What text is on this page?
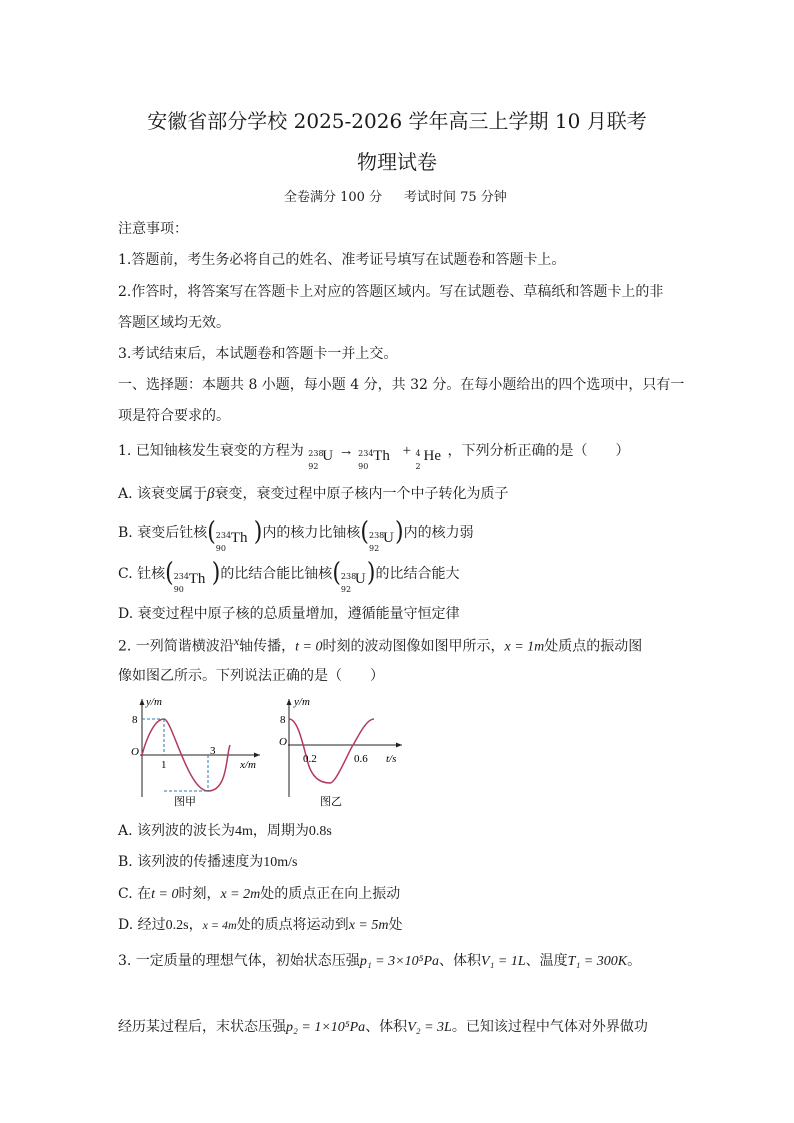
安徽省部分学校 2025-2026 学年高三上学期 10 月联考
物理试卷
全卷满分 100 分 考试时间 75 分钟
注意事项：
1.答题前，考生务必将自己的姓名、准考证号填写在试题卷和答题卡上。
2.作答时，将答案写在答题卡上对应的答题区域内。写在试题卷、草稿纸和答题卡上的非
答题区域均无效。
3.考试结束后，本试题卷和答题卡一并上交。
一、选择题：本题共 8 小题，每小题 4 分，共 32 分。在每小题给出的四个选项中，只有一
项是符合要求的。
1. 已知铀核发生衰变的方程为 238
92
U → 234
90
Th + 4
2
He ，下列分析正确的是（　　）
A. 该衰变属于β衰变，衰变过程中原子核内一个中子转化为质子
B. 衰变后钍核( 234
90
Th )内的核力比铀核( 238
92
U )内的核力弱
C. 钍核( 234
90
Th )的比结合能比铀核( 238
92
U )的比结合能大
D. 衰变过程中原子核的总质量增加，遵循能量守恒定律
2. 一列简谐横波沿x轴传播，t = 0时刻的波动图像如图甲所示，x = 1m处质点的振动图
像如图乙所示。下列说法正确的是（　　）
y/m
8
O
1
3
x/m
图甲
y/m
8
O
0.2	0.6 t/s
图乙
A. 该列波的波长为4m，周期为0.8s
B. 该列波的传播速度为10m/s
C. 在t = 0时刻，x = 2m处的质点正在向上振动
D. 经过0.2s，x = 4m处的质点将运动到x = 5m处
3. 一定质量的理想气体，初始状态压强p₁ = 3×10⁵Pa、体积V₁ = 1L、温度T₁ = 300K。
经历某过程后，末状态压强p₂ = 1×10⁵Pa、体积V₂ = 3L。已知该过程中气体对外界做功
